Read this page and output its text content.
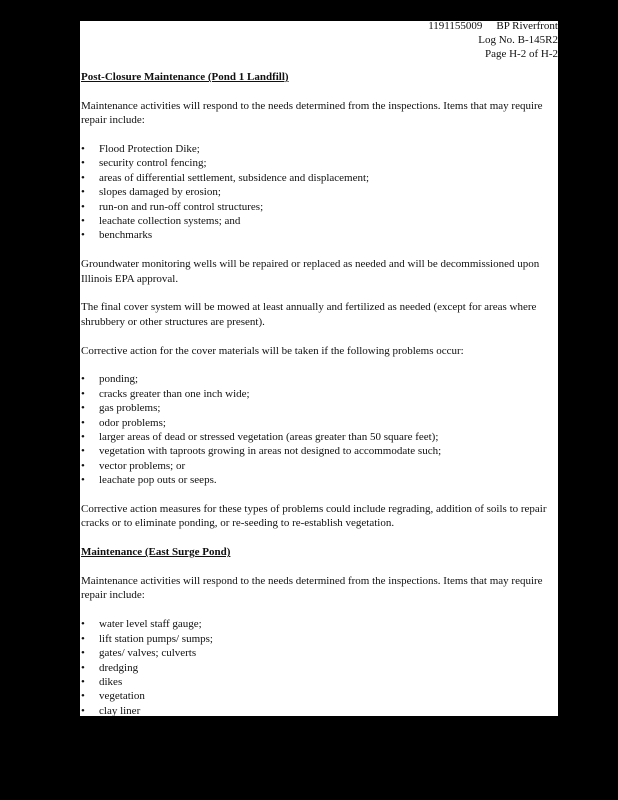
1191155009 BP Riverfront
Log No. B-145R2
Page H-2 of H-2

Post-Closure Maintenance (Pond 1 Landfill)

Maintenance activities will respond to the needs determined from the inspections. Items that may require repair include:

• Flood Protection Dike;
• security control fencing;
• areas of differential settlement, subsidence and displacement;
• slopes damaged by erosion;
• run-on and run-off control structures;
• leachate collection systems; and
• benchmarks

Groundwater monitoring wells will be repaired or replaced as needed and will be decommissioned upon Illinois EPA approval.

The final cover system will be mowed at least annually and fertilized as needed (except for areas where shrubbery or other structures are present).

Corrective action for the cover materials will be taken if the following problems occur:

• ponding;
• cracks greater than one inch wide;
• gas problems;
• odor problems;
• larger areas of dead or stressed vegetation (areas greater than 50 square feet);
• vegetation with taproots growing in areas not designed to accommodate such;
• vector problems; or
• leachate pop outs or seeps.

Corrective action measures for these types of problems could include regrading, addition of soils to repair cracks or to eliminate ponding, or re-seeding to re-establish vegetation.

Maintenance (East Surge Pond)

Maintenance activities will respond to the needs determined from the inspections. Items that may require repair include:

• water level staff gauge;
• lift station pumps/ sumps;
• gates/ valves; culverts
• dredging
• dikes
• vegetation
• clay liner
